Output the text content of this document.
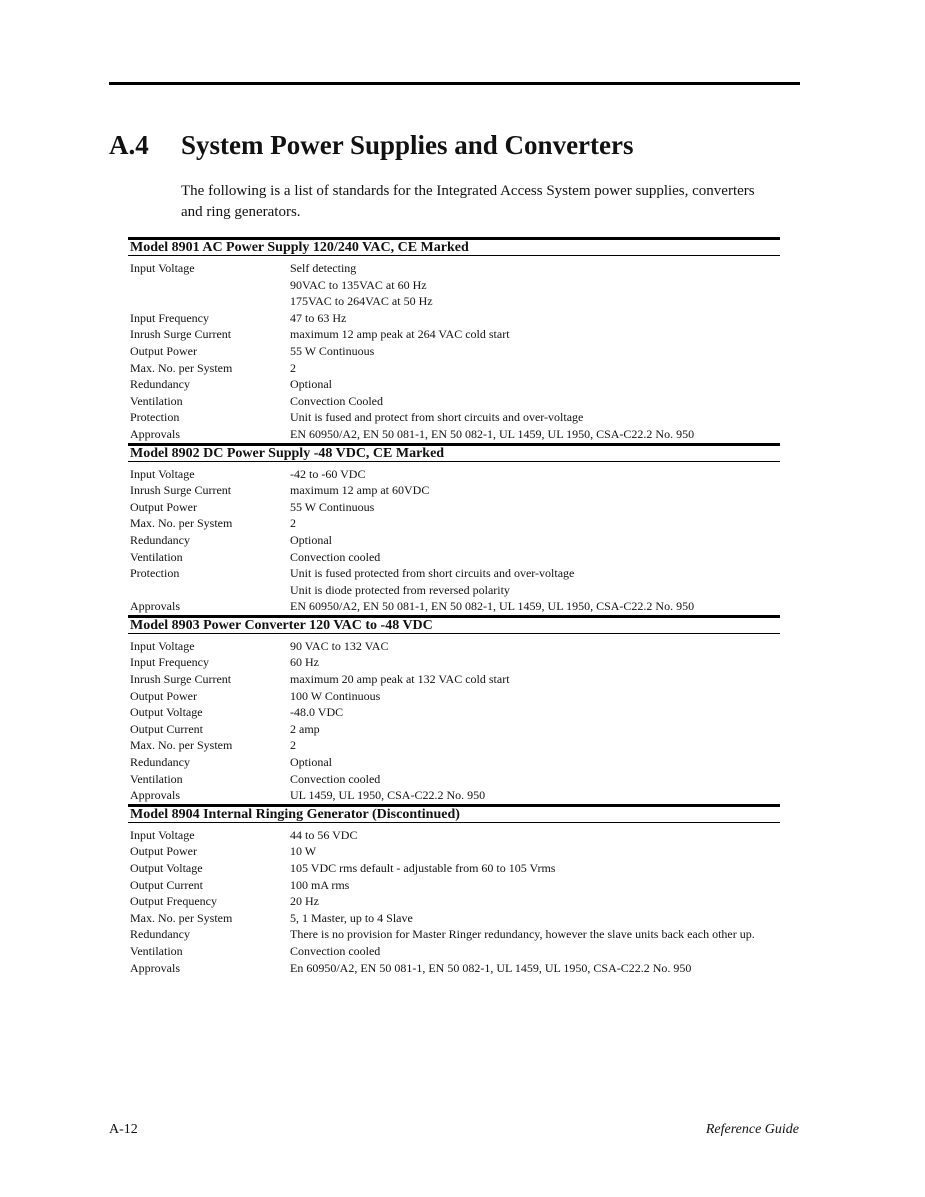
A.4 System Power Supplies and Converters
The following is a list of standards for the Integrated Access System power supplies, converters and ring generators.
Model 8901 AC Power Supply 120/240 VAC, CE Marked
Input Voltage	Self detecting
90VAC to 135VAC at 60 Hz
175VAC to 264VAC at 50 Hz
Input Frequency	47 to 63 Hz
Inrush Surge Current	maximum 12 amp peak at 264 VAC cold start
Output Power	55 W Continuous
Max. No. per System	2
Redundancy	Optional
Ventilation	Convection Cooled
Protection	Unit is fused and protect from short circuits and over-voltage
Approvals	EN 60950/A2, EN 50 081-1, EN 50 082-1, UL 1459, UL 1950, CSA-C22.2 No. 950
Model 8902 DC Power Supply -48 VDC, CE Marked
Input Voltage	-42 to -60 VDC
Inrush Surge Current	maximum 12 amp at 60VDC
Output Power	55 W Continuous
Max. No. per System	2
Redundancy	Optional
Ventilation	Convection cooled
Protection	Unit is fused protected from short circuits and over-voltage
Unit is diode protected from reversed polarity
Approvals	EN 60950/A2, EN 50 081-1, EN 50 082-1, UL 1459, UL 1950, CSA-C22.2 No. 950
Model 8903 Power Converter 120 VAC to -48 VDC
Input Voltage	90 VAC to 132 VAC
Input Frequency	60 Hz
Inrush Surge Current	maximum 20 amp peak at 132 VAC cold start
Output Power	100 W Continuous
Output Voltage	-48.0 VDC
Output Current	2 amp
Max. No. per System	2
Redundancy	Optional
Ventilation	Convection cooled
Approvals	UL 1459, UL 1950, CSA-C22.2 No. 950
Model 8904 Internal Ringing Generator (Discontinued)
Input Voltage	44 to 56 VDC
Output Power	10 W
Output Voltage	105 VDC rms default - adjustable from 60 to 105 Vrms
Output Current	100 mA rms
Output Frequency	20 Hz
Max. No. per System	5, 1 Master, up to 4 Slave
Redundancy	There is no provision for Master Ringer redundancy, however the slave units back each other up.
Ventilation	Convection cooled
Approvals	En 60950/A2, EN 50 081-1, EN 50 082-1, UL 1459, UL 1950, CSA-C22.2 No. 950
A-12	Reference Guide
